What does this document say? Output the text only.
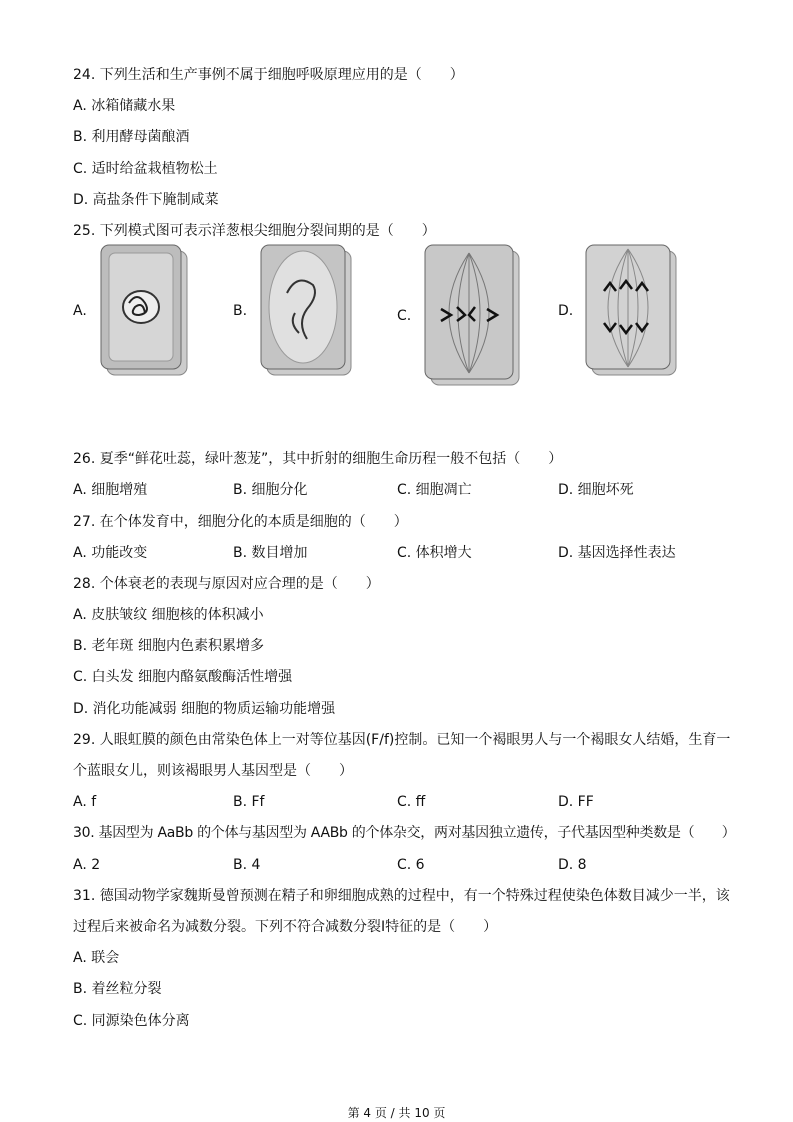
24. 下列生活和生产事例不属于细胞呼吸原理应用的是（　　）
A. 冰箱储藏水果
B. 利用酵母菌酿酒
C. 适时给盆栽植物松土
D. 高盐条件下腌制咸菜
25. 下列模式图可表示洋葱根尖细胞分裂间期的是（　　）
A.	B.	C.	D.
26. 夏季“鲜花吐蕊，绿叶葱茏”，其中折射的细胞生命历程一般不包括（　　）
A. 细胞增殖	B. 细胞分化	C. 细胞凋亡	D. 细胞坏死
27. 在个体发育中，细胞分化的本质是细胞的（　　）
A. 功能改变	B. 数目增加	C. 体积增大	D. 基因选择性表达
28. 个体衰老的表现与原因对应合理的是（　　）
A. 皮肤皱纹 细胞核的体积减小
B. 老年斑 细胞内色素积累增多
C. 白头发 细胞内酪氨酸酶活性增强
D. 消化功能减弱 细胞的物质运输功能增强
29. 人眼虹膜的颜色由常染色体上一对等位基因(F/f)控制。已知一个褐眼男人与一个褐眼女人结婚，生育一
个蓝眼女儿，则该褐眼男人基因型是（　　）
A. f	B. Ff	C. ff	D. FF
30. 基因型为 AaBb 的个体与基因型为 AABb 的个体杂交，两对基因独立遗传，子代基因型种类数是（　　）
A. 2	B. 4	C. 6	D. 8
31. 德国动物学家魏斯曼曾预测在精子和卵细胞成熟的过程中，有一个特殊过程使染色体数目减少一半，该
过程后来被命名为减数分裂。下列不符合减数分裂Ⅰ特征的是（　　）
A. 联会
B. 着丝粒分裂
C. 同源染色体分离
第 4 页 / 共 10 页
